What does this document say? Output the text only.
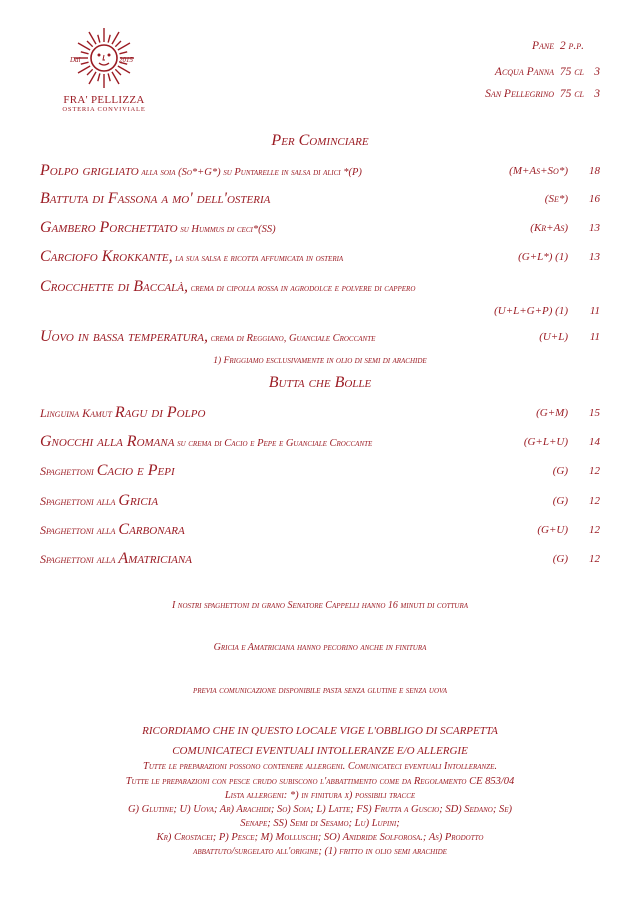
Dal	2015
FRA' PELLIZZA
OSTERIA CONVIVIALE
Pane 2 p.p.
Acqua Panna 75 cl 3
San Pellegrino 75 cl 3
Per Cominciare
Polpo grigliato alla soia (So*+G*) su Puntarelle in salsa di alici *(P)	(M+As+So*)	18
Battuta di Fassona a mo' dell'osteria	(Se*)	16
Gambero Porchettato su Hummus di ceci*(SS)	(Kr+As)	13
Carciofo Krokkante, la sua salsa e ricotta affumicata in osteria	(G+L*) (1)	13
Crocchette di Baccalà, crema di cipolla rossa in agrodolce e polvere di cappero
(U+L+G+P) (1)	11
Uovo in bassa temperatura, crema di Reggiano, Guanciale Croccante	(U+L)	11
1) Friggiamo esclusivamente in olio di semi di arachide
Butta che Bolle
Linguina Kamut Ragu di Polpo	(G+M)	15
Gnocchi alla Romana su crema di Cacio e Pepe e Guanciale Croccante	(G+L+U)	14
Spaghettoni Cacio e Pepi	(G)	12
Spaghettoni alla Gricia	(G)	12
Spaghettoni alla Carbonara	(G+U)	12
Spaghettoni alla Amatriciana	(G)	12
I nostri spaghettoni di grano Senatore Cappelli hanno 16 minuti di cottura
Gricia e Amatriciana hanno pecorino anche in finitura
previa comunicazione disponibile pasta senza glutine e senza uova
RICORDIAMO CHE IN QUESTO LOCALE VIGE L'OBBLIGO DI SCARPETTA
COMUNICATECI EVENTUALI INTOLLERANZE E/O ALLERGIE
Tutte le preparazioni possono contenere allergeni. Comunicateci eventuali Intolleranze.
Tutte le preparazioni con pesce crudo subiscono l'abbattimento come da Regolamento CE 853/04
Lista allergeni: *) in finitura x) possibili tracce
G) Glutine; U) Uova; Ar) Arachidi; So) Soia; L) Latte; FS) Frutta a Guscio; SD) Sedano; Se)
Senape; SS) Semi di Sesamo; Lu) Lupini;
Kr) Crostacei; P) Pesce; M) Molluschi; SO) Anidride Solforosa.; As) Prodotto
abbattuto/surgelato all'origine; (1) fritto in olio semi arachide
